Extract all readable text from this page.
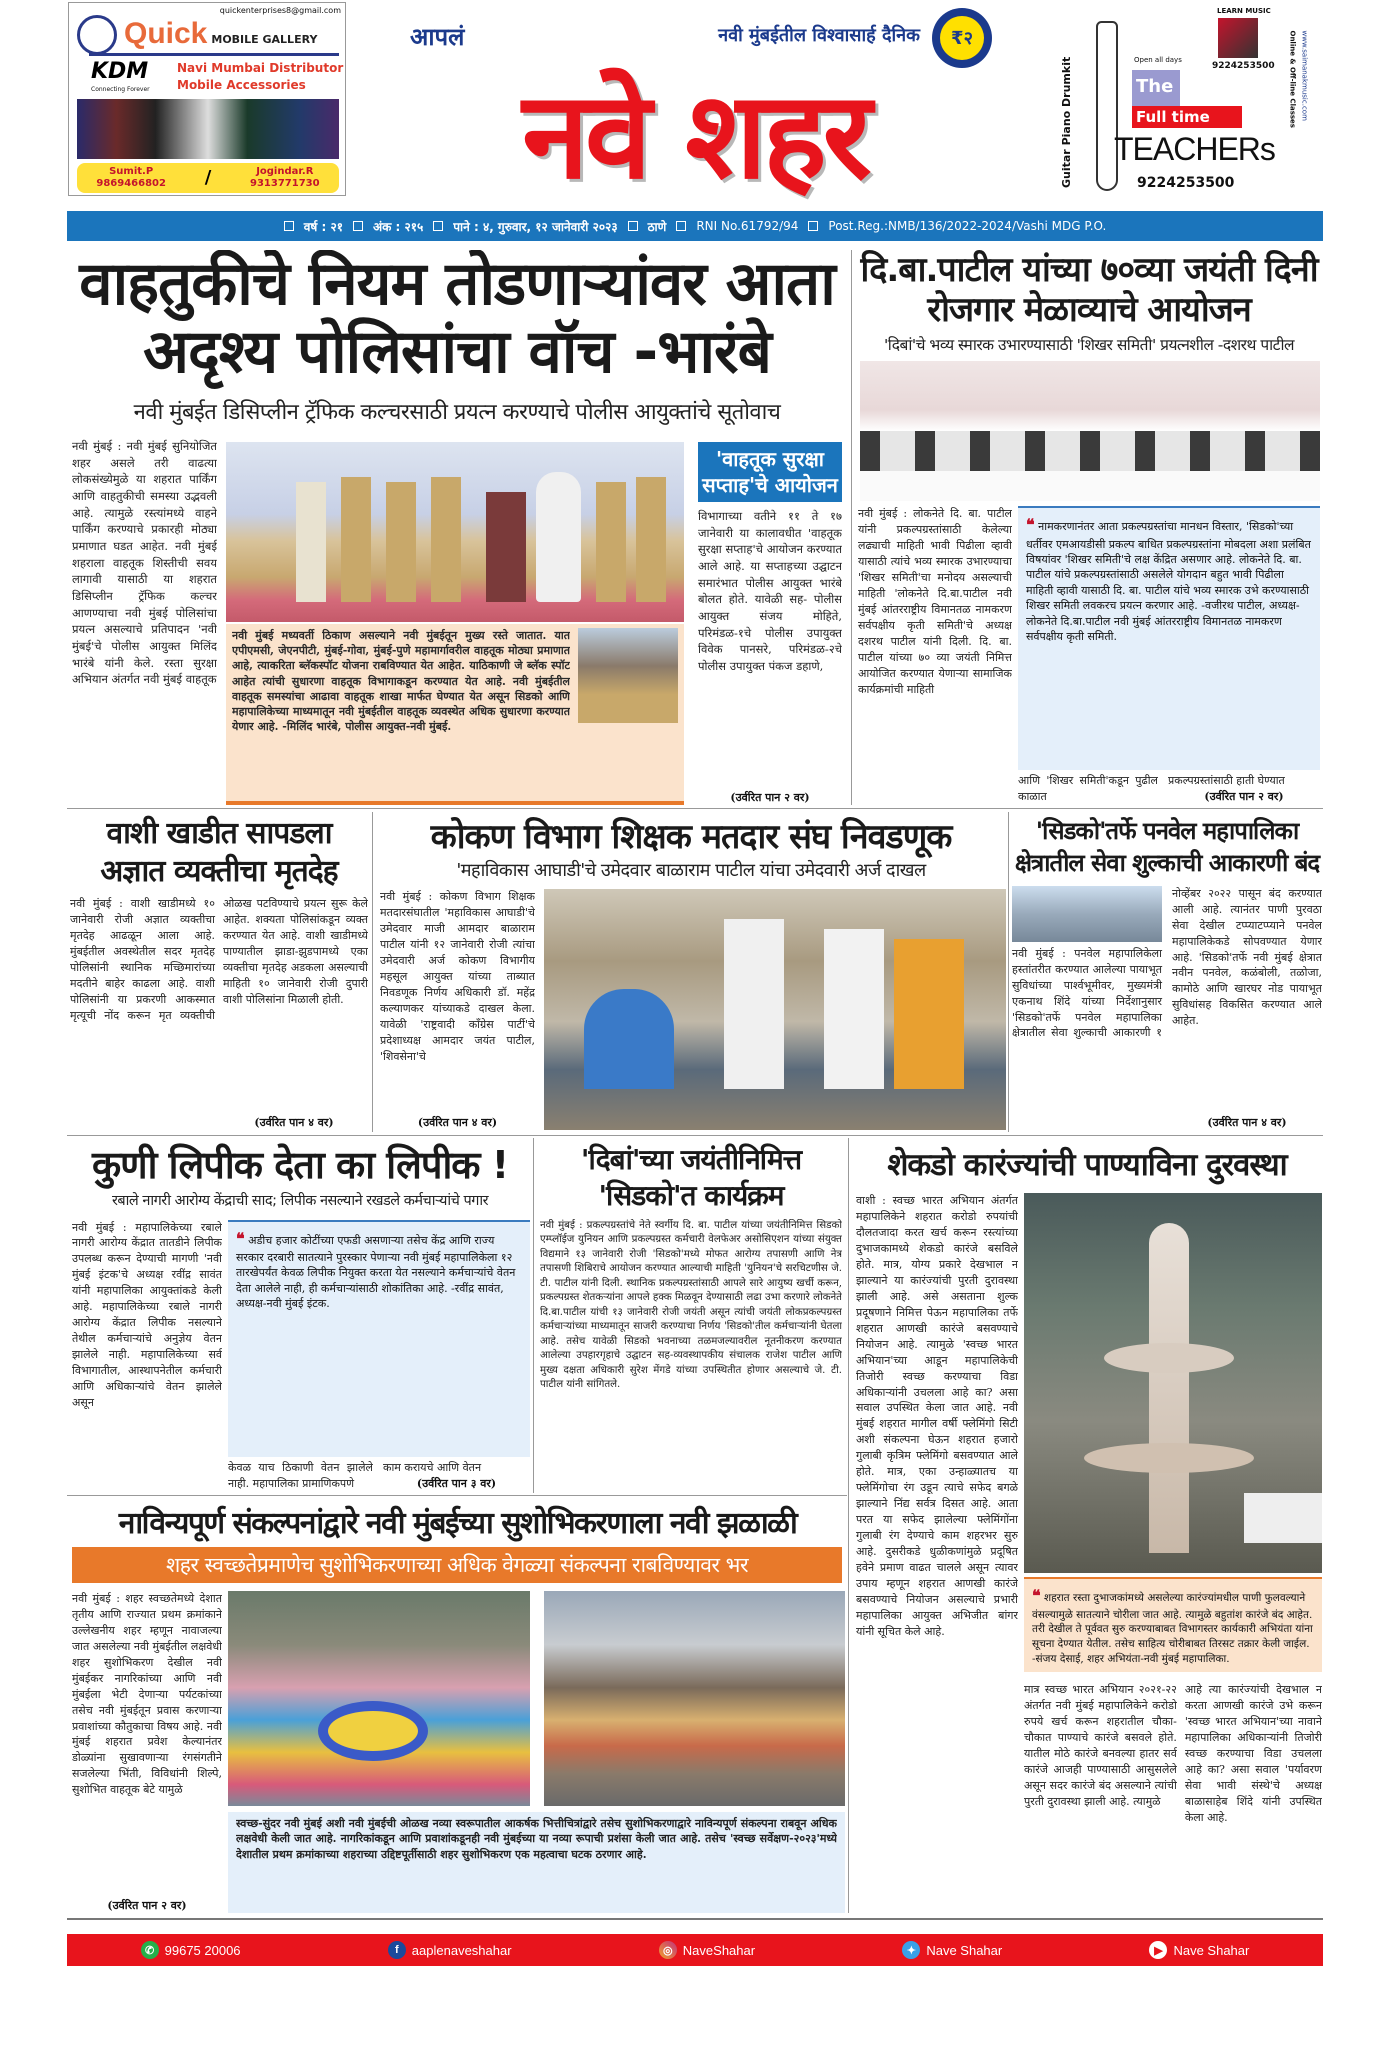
quickenterprises8@gmail.com
Quick MOBILE GALLERY
KDM
Connecting Forever
Navi Mumbai Distributor
Mobile Accessories
Sumit.P
9869466802 /	Jogindar.R
9313771730
आपलं	नवी मुंबईतील विश्वासार्ह दैनिक	₹२
नवे शहर	Guitar Piano Drumkit
LEARN MUSIC
9224253500
Open all days
The
Full time
TEACHERs
9224253500
Online & Off-line Classes www.saimanakmusic.com
वर्ष : २१	अंक : २१५	पाने : ४, गुरुवार, १२ जानेवारी २०२३	ठाणे	RNI No.61792/94	Post.Reg.:NMB/136/2022-2024/Vashi MDG P.O.
वाहतुकीचे नियम तोडणाऱ्यांवर आता
अदृश्य पोलिसांचा वॉच -भारंबे
नवी मुंबईत डिसिप्लीन ट्रॅफिक कल्चरसाठी प्रयत्न करण्याचे पोलीस आयुक्तांचे सूतोवाच
नवी मुंबई : नवी मुंबई सुनियोजित शहर असले तरी वाढत्या लोकसंख्येमुळे या शहरात पार्किंग आणि वाहतुकीची समस्या उद्भवली आहे. त्यामुळे रस्त्यांमध्ये वाहने पार्किंग करण्याचे प्रकारही मोठ्या प्रमाणात घडत आहेत. नवी मुंबई शहराला वाहतूक शिस्तीची सवय लागावी यासाठी या शहरात डिसिप्लीन ट्रॅफिक कल्चर आणण्याचा नवी मुंबई पोलिसांचा प्रयत्न असल्याचे प्रतिपादन 'नवी मुंबई'चे पोलीस आयुक्त मिलिंद भारंबे यांनी केले. रस्ता सुरक्षा अभियान अंतर्गत नवी मुंबई वाहतूक
नवी मुंबई मध्यवर्ती ठिकाण असल्याने नवी मुंबईतून मुख्य रस्ते जातात. यात एपीएमसी, जेएनपीटी, मुंबई-गोवा, मुंबई-पुणे महामार्गावरील वाहतूक मोठ्या प्रमाणात आहे, त्याकरिता ब्लॅकस्पॉट योजना राबविण्यात येत आहेत. याठिकाणी जे ब्लॅक स्पॉट आहेत त्यांची सुधारणा वाहतूक विभागाकडून करण्यात येत आहे. नवी मुंबईतील वाहतूक समस्यांचा आढावा वाहतूक शाखा मार्फत घेण्यात येत असून सिडको आणि महापालिकेच्या माध्यमातून नवी मुंबईतील वाहतूक व्यवस्थेत अधिक सुधारणा करण्यात येणार आहे. -मिलिंद भारंबे, पोलीस आयुक्त-नवी मुंबई.
'वाहतूक सुरक्षा सप्ताह'चे आयोजन
विभागाच्या वतीने ११ ते १७ जानेवारी या कालावधीत 'वाहतूक सुरक्षा सप्ताह'चे आयोजन करण्यात आले आहे. या सप्ताहच्या उद्घाटन समारंभात पोलीस आयुक्त भारंबे बोलत होते. यावेळी सह- पोलीस आयुक्त संजय मोहिते, परिमंडळ-१चे पोलीस उपायुक्त विवेक पानसरे, परिमंडळ-२चे पोलीस उपायुक्त पंकज डहाणे,
(उर्वरित पान २ वर)
दि.बा.पाटील यांच्या ७०व्या जयंती दिनी रोजगार मेळाव्याचे आयोजन
'दिबां'चे भव्य स्मारक उभारण्यासाठी 'शिखर समिती' प्रयत्नशील -दशरथ पाटील
नवी मुंबई : लोकनेते दि. बा. पाटील यांनी प्रकल्पग्रस्तांसाठी केलेल्या लढ्याची माहिती भावी पिढीला व्हावी यासाठी त्यांचे भव्य स्मारक उभारण्याचा 'शिखर समिती'चा मनोदय असल्याची माहिती 'लोकनेते दि.बा.पाटील नवी मुंबई आंतरराष्ट्रीय विमानतळ नामकरण सर्वपक्षीय कृती समिती'चे अध्यक्ष दशरथ पाटील यांनी दिली. दि. बा. पाटील यांच्या ७० व्या जयंती निमित्त आयोजित करण्यात येणाऱ्या सामाजिक कार्यक्रमांची माहिती
❝ नामकरणानंतर आता प्रकल्पग्रस्तांचा मानधन विस्तार, 'सिडको'च्या धर्तीवर एमआयडीसी प्रकल्प बाधित प्रकल्पग्रस्तांना मोबदला अशा प्रलंबित विषयांवर 'शिखर समिती'चे लक्ष केंद्रित असणार आहे. लोकनेते दि. बा. पाटील यांचे प्रकल्पग्रस्तांसाठी असलेले योगदान बहुत भावी पिढीला माहिती व्हावी यासाठी दि. बा. पाटील यांचे भव्य स्मारक उभे करण्यासाठी शिखर समिती लवकरच प्रयत्न करणार आहे. -वजीरथ पाटील, अध्यक्ष-लोकनेते दि.बा.पाटील नवी मुंबई आंतरराष्ट्रीय विमानतळ नामकरण सर्वपक्षीय कृती समिती.
आणि 'शिखर समिती'कडून पुढील काळात
प्रकल्पग्रस्तांसाठी हाती घेण्यात
(उर्वरित पान २ वर)
वाशी खाडीत सापडला अज्ञात व्यक्तीचा मृतदेह
नवी मुंबई : वाशी खाडीमध्ये १० जानेवारी रोजी अज्ञात व्यक्तीचा मृतदेह आढळून आला आहे. मुंबईतील अवस्थेतील सदर मृतदेह पोलिसांनी स्थानिक मच्छिमारांच्या मदतीने बाहेर काढला आहे. वाशी पोलिसांनी या प्रकरणी आकस्मात मृत्यूची नोंद करून मृत व्यक्तीची ओळख पटविण्याचे प्रयत्न सुरू केले आहेत. शक्यता पोलिसांकडून व्यक्त करण्यात येत आहे. वाशी खाडीमध्ये पाण्यातील झाडा-झुडपामध्ये एका व्यक्तीचा मृतदेह अडकला असल्याची माहिती १० जानेवारी रोजी दुपारी वाशी पोलिसांना मिळाली होती.
(उर्वरित पान ४ वर)
कोकण विभाग शिक्षक मतदार संघ निवडणूक
'महाविकास आघाडी'चे उमेदवार बाळाराम पाटील यांचा उमेदवारी अर्ज दाखल
नवी मुंबई : कोकण विभाग शिक्षक मतदारसंघातील 'महाविकास आघाडी'चे उमेदवार माजी आमदार बाळाराम पाटील यांनी १२ जानेवारी रोजी त्यांचा उमेदवारी अर्ज कोकण विभागीय महसूल आयुक्त यांच्या ताब्यात निवडणूक निर्णय अधिकारी डॉ. महेंद्र कल्याणकर यांच्याकडे दाखल केला. यावेळी 'राष्ट्रवादी काँग्रेस पार्टी'चे प्रदेशाध्यक्ष आमदार जयंत पाटील, 'शिवसेना'चे
(उर्वरित पान ४ वर)
'सिडको'तर्फे पनवेल महापालिका क्षेत्रातील सेवा शुल्काची आकारणी बंद
नवी मुंबई : पनवेल महापालिकेला हस्तांतरीत करण्यात आलेल्या पायाभूत सुविधांच्या पार्श्वभूमीवर, मुख्यमंत्री एकनाथ शिंदे यांच्या निर्देशानुसार 'सिडको'तर्फे पनवेल महापालिका क्षेत्रातील सेवा शुल्काची आकारणी १ नोव्हेंबर २०२२ पासून बंद करण्यात आली आहे. त्यानंतर पाणी पुरवठा सेवा देखील टप्प्याटप्प्याने पनवेल महापालिकेकडे सोपवण्यात येणार आहे. 'सिडको'तर्फे नवी मुंबई क्षेत्रात नवीन पनवेल, कळंबोली, तळोजा, कामोठे आणि खारघर नोड पायाभूत सुविधांसह विकसित करण्यात आले आहेत.
(उर्वरित पान ४ वर)
कुणी लिपीक देता का लिपीक !
रबाले नागरी आरोग्य केंद्राची साद; लिपीक नसल्याने रखडले कर्मचाऱ्यांचे पगार
नवी मुंबई : महापालिकेच्या रबाले नागरी आरोग्य केंद्रात तातडीने लिपीक उपलब्ध करून देण्याची मागणी 'नवी मुंबई इंटक'चे अध्यक्ष रवींद्र सावंत यांनी महापालिका आयुक्तांकडे केली आहे. महापालिकेच्या रबाले नागरी आरोग्य केंद्रात लिपीक नसल्याने तेथील कर्मचाऱ्यांचे अनुज्ञेय वेतन झालेले नाही. महापालिकेच्या सर्व विभागातील, आस्थापनेतील कर्मचारी आणि अधिकाऱ्यांचे वेतन झालेले असून
❝ अडीच हजार कोटींच्या एफडी असणाऱ्या तसेच केंद्र आणि राज्य सरकार दरबारी सातत्याने पुरस्कार पेणाऱ्या नवी मुंबई महापालिकेला १२ तारखेपर्यंत केवळ लिपीक नियुक्त करता येत नसल्याने कर्मचाऱ्यांचे वेतन देता आलेले नाही, ही कर्मचाऱ्यांसाठी शोकांतिका आहे. -रवींद्र सावंत, अध्यक्ष-नवी मुंबई इंटक.
केवळ याच ठिकाणी वेतन झालेले नाही. महापालिका प्रामाणिकपणे
काम करायचे आणि वेतन
(उर्वरित पान ३ वर)
'दिबां'च्या जयंतीनिमित्त 'सिडको'त कार्यक्रम
नवी मुंबई : प्रकल्पग्रस्तांचे नेते स्वर्गीय दि. बा. पाटील यांच्या जयंतीनिमित्त सिडको एम्प्लॉईज युनियन आणि प्रकल्पग्रस्त कर्मचारी वेलफेअर असोसिएशन यांच्या संयुक्त विद्यमाने १३ जानेवारी रोजी 'सिडको'मध्ये मोफत आरोग्य तपासणी आणि नेत्र तपासणी शिबिराचे आयोजन करण्यात आल्याची माहिती 'युनियन'चे सरचिटणीस जे. टी. पाटील यांनी दिली. स्थानिक प्रकल्पग्रस्तांसाठी आपले सारे आयुष्य खर्ची करून, प्रकल्पग्रस्त शेतकऱ्यांना आपले हक्क मिळवून देण्यासाठी लढा उभा करणारे लोकनेते दि.बा.पाटील यांची १३ जानेवारी रोजी जयंती असून त्यांची जयंती लोकप्रकल्पग्रस्त कर्मचाऱ्यांच्या माध्यमातून साजरी करण्याचा निर्णय 'सिडको'तील कर्मचाऱ्यांनी घेतला आहे. तसेच यावेळी सिडको भवनाच्या तळमजल्यावरील नूतनीकरण करण्यात आलेल्या उपहारगृहाचे उद्घाटन सह-व्यवस्थापकीय संचालक राजेश पाटील आणि मुख्य दक्षता अधिकारी सुरेश मेंगडे यांच्या उपस्थितीत होणार असल्याचे जे. टी. पाटील यांनी सांगितले.
शेकडो कारंज्यांची पाण्याविना दुरवस्था
वाशी : स्वच्छ भारत अभियान अंतर्गत महापालिकेने शहरात करोडो रुपयांची दौलतजादा करत खर्च करून रस्त्यांच्या दुभाजकामध्ये शेकडो कारंजे बसविले होते. मात्र, योग्य प्रकारे देखभाल न झाल्याने या कारंज्यांची पुरती दुरावस्था झाली आहे. असे असताना शुल्क प्रदूषणाने निमित्त पेऊन महापालिका तर्फे शहरात आणखी कारंजे बसवण्याचे नियोजन आहे. त्यामुळे 'स्वच्छ भारत अभियान'च्या आडून महापालिकेची तिजोरी स्वच्छ करण्याचा विडा अधिकाऱ्यांनी उचलला आहे का? असा सवाल उपस्थित केला जात आहे. नवी मुंबई शहरात मागील वर्षी फ्लेमिंगो सिटी अशी संकल्पना घेऊन शहरात हजारो गुलाबी कृत्रिम फ्लेमिंगो बसवण्यात आले होते. मात्र, एका उन्हाळ्यातच या फ्लेमिंगोचा रंग उडून त्याचे सफेद बगळे झाल्याने निंद्य सर्वत्र दिसत आहे. आता परत या सफेद झालेल्या फ्लेमिंगोंना गुलाबी रंग देण्याचे काम शहरभर सुरु आहे. दुसरीकडे धुळीकणांमुळे प्रदूषित हवेने प्रमाण वाढत चालले असून त्यावर उपाय म्हणून शहरात आणखी कारंजे बसवण्याचे नियोजन असल्याचे प्रभारी महापालिका आयुक्त अभिजीत बांगर यांनी सूचित केले आहे.
❝ शहरात रस्ता दुभाजकांमध्ये असलेल्या कारंज्यांमधील पाणी फुलवल्याने वंसल्यामुळे सातत्याने चोरीला जात आहे. त्यामुळे बहुतांश कारंजे बंद आहेत. तरी देखील ते पूर्ववत सुरु करण्याबाबत विभागस्तर कार्यकारी अभियंता यांना सूचना देण्यात येतील. तसेच साहित्य चोरीबाबत तिरसट तक्रार केली जाईल. -संजय देसाई, शहर अभियंता-नवी मुंबई महापालिका.
मात्र स्वच्छ भारत अभियान २०२१-२२ अंतर्गत नवी मुंबई महापालिकेने करोडो रुपये खर्च करून शहरातील चौका-चौकात पाण्याचे कारंजे बसवले होते. यातील मोठे कारंजे बनवल्या हातर सर्व कारंजे आजही पाण्यासाठी आसुसलेले असून सदर कारंजे बंद असल्याने त्यांची पुरती दुरावस्था झाली आहे. त्यामुळे
आहे त्या कारंज्यांची देखभाल न करता आणखी कारंजे उभे करून 'स्वच्छ भारत अभियान'च्या नावाने महापालिका अधिकाऱ्यांनी तिजोरी स्वच्छ करण्याचा विडा उचलला आहे का? असा सवाल 'पर्यावरण सेवा भावी संस्थे'चे अध्यक्ष बाळासाहेब शिंदे यांनी उपस्थित केला आहे.
नाविन्यपूर्ण संकल्पनांद्वारे नवी मुंबईच्या सुशोभिकरणाला नवी झळाळी
शहर स्वच्छतेप्रमाणेच सुशोभिकरणाच्या अधिक वेगळ्या संकल्पना राबविण्यावर भर
नवी मुंबई : शहर स्वच्छतेमध्ये देशात तृतीय आणि राज्यात प्रथम क्रमांकाने उल्लेखनीय शहर म्हणून नावाजल्या जात असलेल्या नवी मुंबईतील लक्षवेधी शहर सुशोभिकरण देखील नवी मुंबईकर नागरिकांच्या आणि नवी मुंबईला भेटी देणाऱ्या पर्यटकांच्या तसेच नवी मुंबईतून प्रवास करणाऱ्या प्रवाशांच्या कौतुकाचा विषय आहे. नवी मुंबई शहरात प्रवेश केल्यानंतर डोळ्यांना सुखावणाऱ्या रंगसंगतीने सजलेल्या भिंती, विविधांनी शिल्पे, सुशोभित वाहतूक बेटे यामुळे
(उर्वरित पान २ वर)
स्वच्छ-सुंदर नवी मुंबई अशी नवी मुंबईची ओळख नव्या स्वरूपातील आकर्षक भित्तीचित्रांद्वारे तसेच सुशोभिकरणाद्वारे नाविन्यपूर्ण संकल्पना राबवून अधिक लक्षवेधी केली जात आहे. नागरिकांकडून आणि प्रवाशांकडूनही नवी मुंबईच्या या नव्या रूपाची प्रशंसा केली जात आहे. तसेच 'स्वच्छ सर्वेक्षण-२०२३'मध्ये देशातील प्रथम क्रमांकाच्या शहराच्या उद्दिष्टपूर्तीसाठी शहर सुशोभिकरण एक महत्वाचा घटक ठरणार आहे.
✆ 99675 20006	f	aaplenaveshahar	◎ NaveShahar	✦ Nave Shahar	▶ Nave Shahar
